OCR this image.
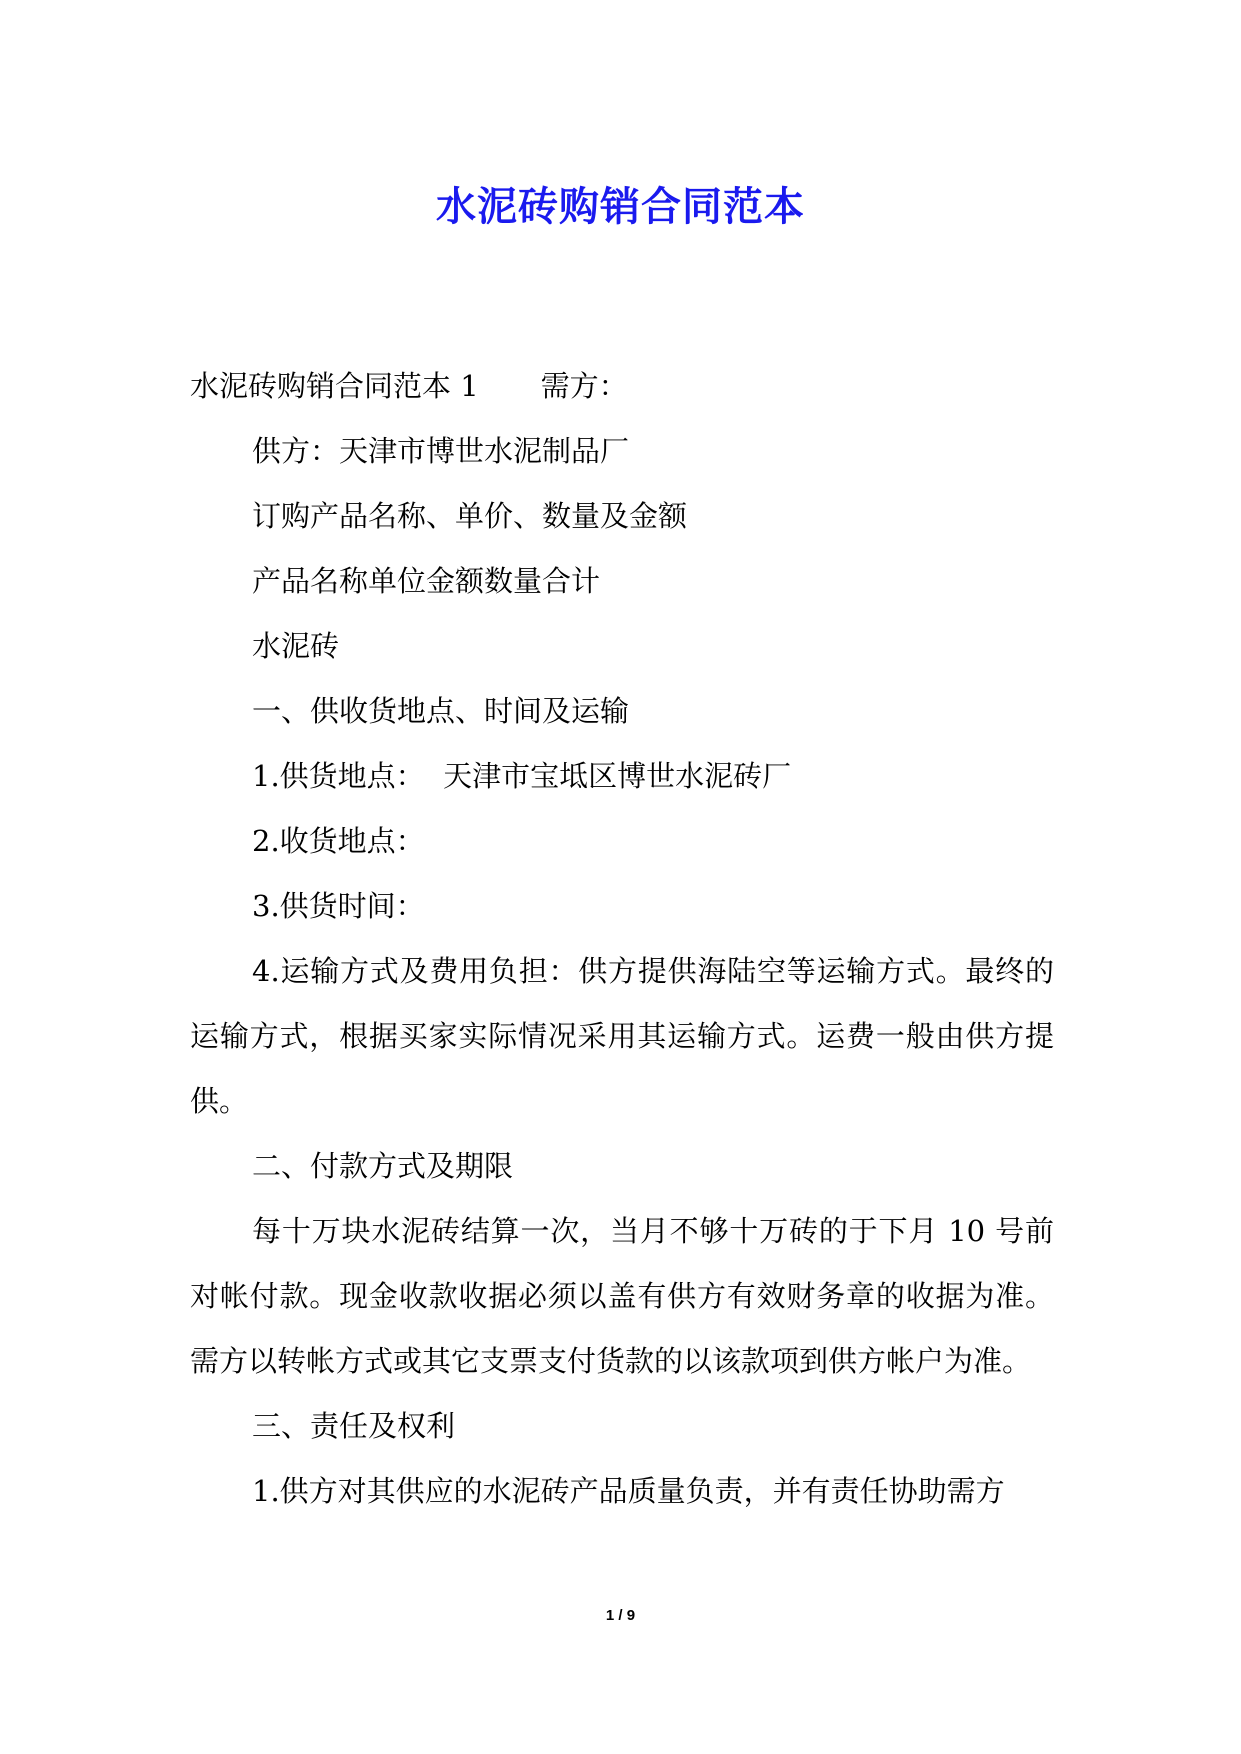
水泥砖购销合同范本

水泥砖购销合同范本 1 需方：

供方：天津市博世水泥制品厂

订购产品名称、单价、数量及金额

产品名称单位金额数量合计

水泥砖

一、供收货地点、时间及运输

1.供货地点：  天津市宝坻区博世水泥砖厂

2.收货地点：

3.供货时间：

4.运输方式及费用负担：供方提供海陆空等运输方式。最终的运输方式，根据买家实际情况采用其运输方式。运费一般由供方提供。

二、付款方式及期限

每十万块水泥砖结算一次，当月不够十万砖的于下月 10 号前对帐付款。现金收款收据必须以盖有供方有效财务章的收据为准。需方以转帐方式或其它支票支付货款的以该款项到供方帐户为准。

三、责任及权利

1.供方对其供应的水泥砖产品质量负责，并有责任协助需方

1 / 9
